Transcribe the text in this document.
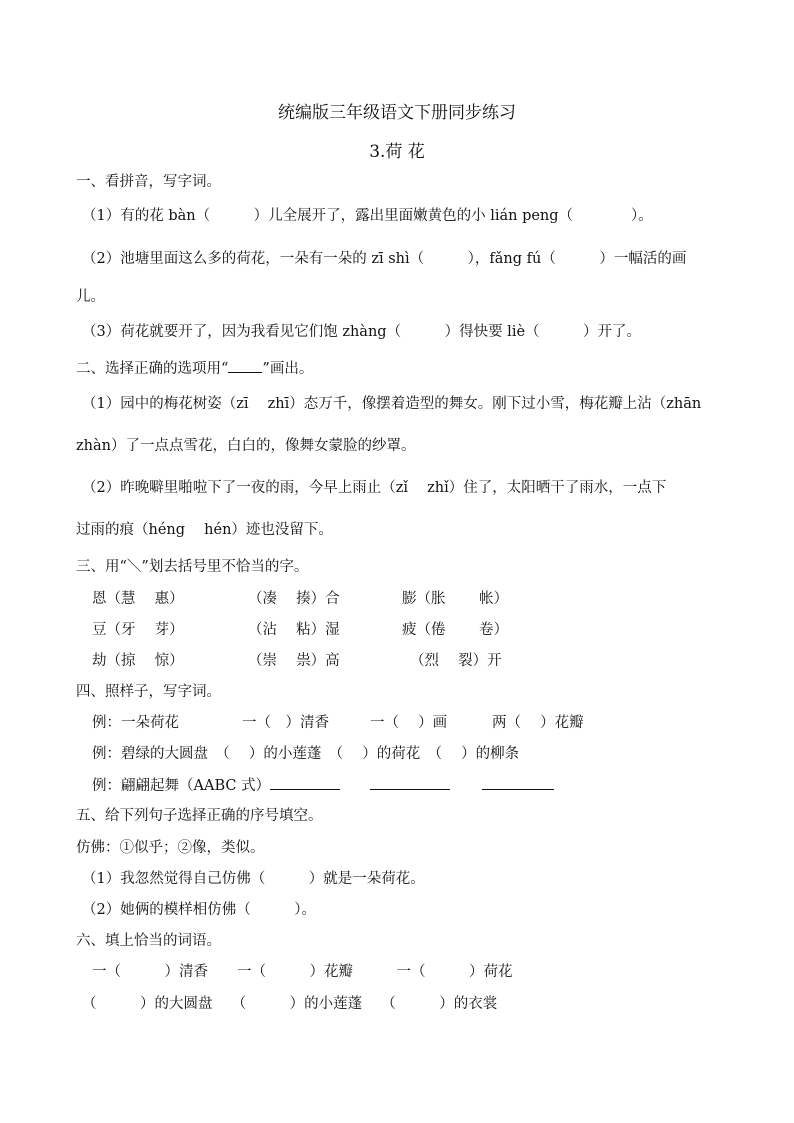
统编版三年级语文下册同步练习
3.荷 花
一、看拼音，写字词。
（1）有的花 bàn（　　　）儿全展开了，露出里面嫩黄色的小 lián peng（　　　　）。
（2）池塘里面这么多的荷花，一朵有一朵的 zī shì（　　　），fǎng fú（　　　）一幅活的画
儿。
（3）荷花就要开了，因为我看见它们饱 zhàng（　　　）得快要 liè（　　　）开了。
二、选择正确的选项用“ ”画出。
（1）园中的梅花树姿（zī　 zhī）态万千，像摆着造型的舞女。刚下过小雪，梅花瓣上沾（zhān
zhàn）了一点点雪花，白白的，像舞女蒙脸的纱罩。
（2）昨晚噼里啪啦下了一夜的雨，今早上雨止（zǐ　 zhǐ）住了，太阳晒干了雨水，一点下
过雨的痕（héng　 hén）迹也没留下。
三、用“＼”划去括号里不恰当的字。
恩（慧　 惠）	（凑　 揍）合	膨（胀　　 帐）
豆（牙　 芽）	（沾　 粘）湿	疲（倦　　 卷）
劫（掠　 惊）	（崇　 祟）高	（烈　 裂）开
四、照样子，写字词。
例：一朵荷花	一（　）清香	一（　 ）画	两（　 ）花瓣
例：碧绿的大圆盘　（　 ）的小莲蓬　（　 ）的荷花　（　 ）的柳条
例：翩翩起舞（AABC 式）
五、给下列句子选择正确的序号填空。
仿佛：①似乎；②像，类似。
（1）我忽然觉得自己仿佛（　　　）就是一朵荷花。
（2）她俩的模样相仿佛（　　　）。
六、填上恰当的词语。
一（　　　）清香　　一（　　　）花瓣　　　一（　　　）荷花
（　　　）的大圆盘　 （　　　）的小莲蓬　 （　　　）的衣裳
